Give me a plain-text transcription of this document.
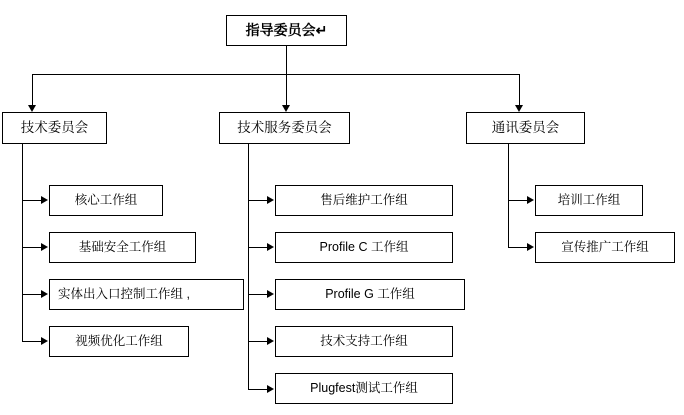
指导委员会↵
技术委员会	技术服务委员会	通讯委员会
核心工作组
基础安全工作组
实体出入口控制工作组 ,
视频优化工作组
售后维护工作组
Profile C 工作组
Profile G 工作组
技术支持工作组
Plugfest测试工作组
培训工作组
宣传推广工作组
